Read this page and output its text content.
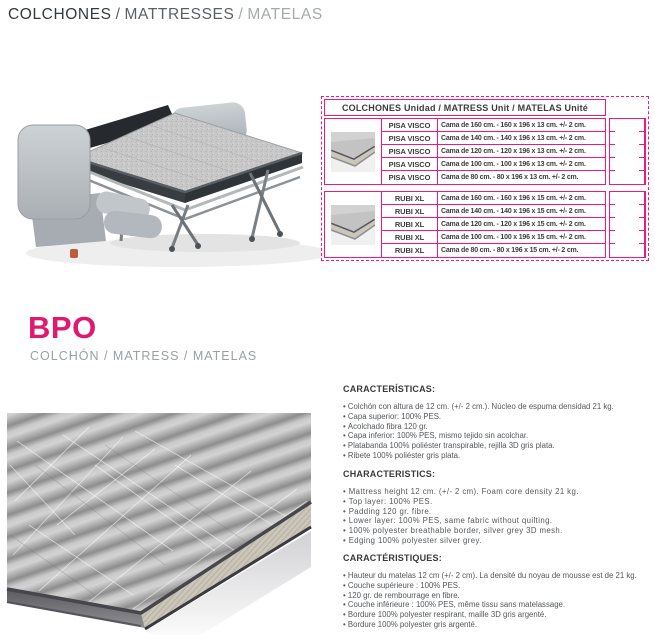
COLCHONES / MATTRESSES / MATELAS
COLCHONES Unidad / MATRESS Unit / MATELAS Unité
PISA VISCO	Cama de 160 cm. - 160 x 196 x 13 cm. +/- 2 cm.
PISA VISCO	Cama de 140 cm. - 140 x 196 x 13 cm. +/- 2 cm.
PISA VISCO	Cama de 120 cm. - 120 x 196 x 13 cm. +/- 2 cm.
PISA VISCO	Cama de 100 cm. - 100 x 196 x 13 cm. +/- 2 cm.
PISA VISCO	Cama de 80 cm. - 80 x 196 x 13 cm. +/- 2 cm.
RUBI XL	Cama de 160 cm. - 160 x 196 x 15 cm. +/- 2 cm.
RUBI XL	Cama de 140 cm. - 140 x 196 x 15 cm. +/- 2 cm.
RUBI XL	Cama de 120 cm. - 120 x 196 x 15 cm. +/- 2 cm.
RUBI XL	Cama de 100 cm. - 100 x 196 x 15 cm. +/- 2 cm.
RUBI XL	Cama de 80 cm. - 80 x 196 x 15 cm. +/- 2 cm.
BPO
COLCHÓN / MATRESS / MATELAS
CARACTERÍSTICAS:
• Colchón con altura de 12 cm. (+/- 2 cm.). Núcleo de espuma densidad 21 kg.
• Capa superior: 100% PES.
• Acolchado fibra 120 gr.
• Capa inferior: 100% PES, mismo tejido sin acolchar.
• Platabanda 100% poliéster transpirable, rejilla 3D gris plata.
• Ribete 100% poliéster gris plata.
CHARACTERISTICS:
• Mattress height 12 cm. (+/- 2 cm). Foam core density 21 kg.
• Top layer: 100% PES.
• Padding 120 gr. fibre.
• Lower layer: 100% PES, same fabric without quilting.
• 100% polyester breathable border, silver grey 3D mesh.
• Edging 100% polyester silver grey.
CARACTÉRISTIQUES:
• Hauteur du matelas 12 cm (+/- 2 cm). La densité du noyau de mousse est de 21 kg.
• Couche supérieure : 100% PES.
• 120 gr. de rembourrage en fibre.
• Couche inférieure : 100% PES, même tissu sans matelassage.
• Bordure 100% polyester respirant, maille 3D gris argenté.
• Bordure 100% polyester gris argenté.
